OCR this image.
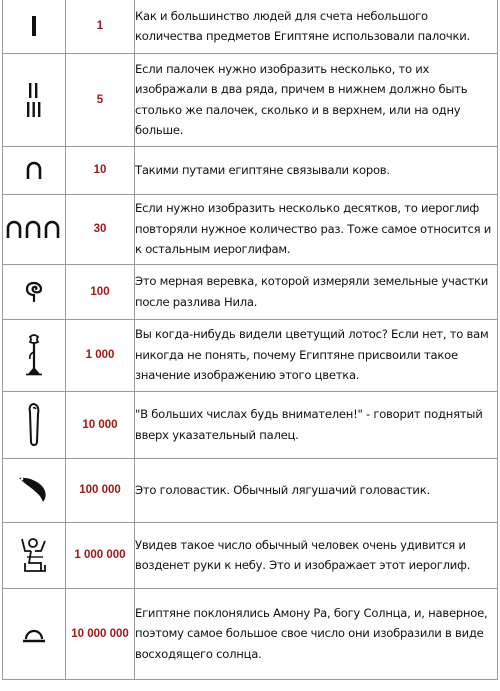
	1	Как и большинство людей для счета небольшого количества предметов Египтяне использовали палочки.

	5	Если палочек нужно изобразить несколько, то их изображали в два ряда, причем в нижнем должно быть столько же палочек, сколько и в верхнем, или на одну больше.

	10	Такими путами египтяне связывали коров.

	30	Если нужно изобразить несколько десятков, то иероглиф повторяли нужное количество раз. Тоже самое относится и к остальным иероглифам.

	100	Это мерная веревка, которой измеряли земельные участки после разлива Нила.

	1 000	Вы когда-нибудь видели цветущий лотос? Если нет, то вам никогда не понять, почему Египтяне присвоили такое значение изображению этого цветка.

	10 000	"В больших числах будь внимателен!" - говорит поднятый вверх указательный палец.

	100 000	Это головастик. Обычный лягушачий головастик.

	1 000 000	Увидев такое число обычный человек очень удивится и вoзденет руки к небу. Это и изображает этот иероглиф.

	10 000 000	Египтяне поклонялись Амону Ра, богу Солнца, и, наверное, поэтому самое большое свое число они изобразили в виде восходящего солнца.
